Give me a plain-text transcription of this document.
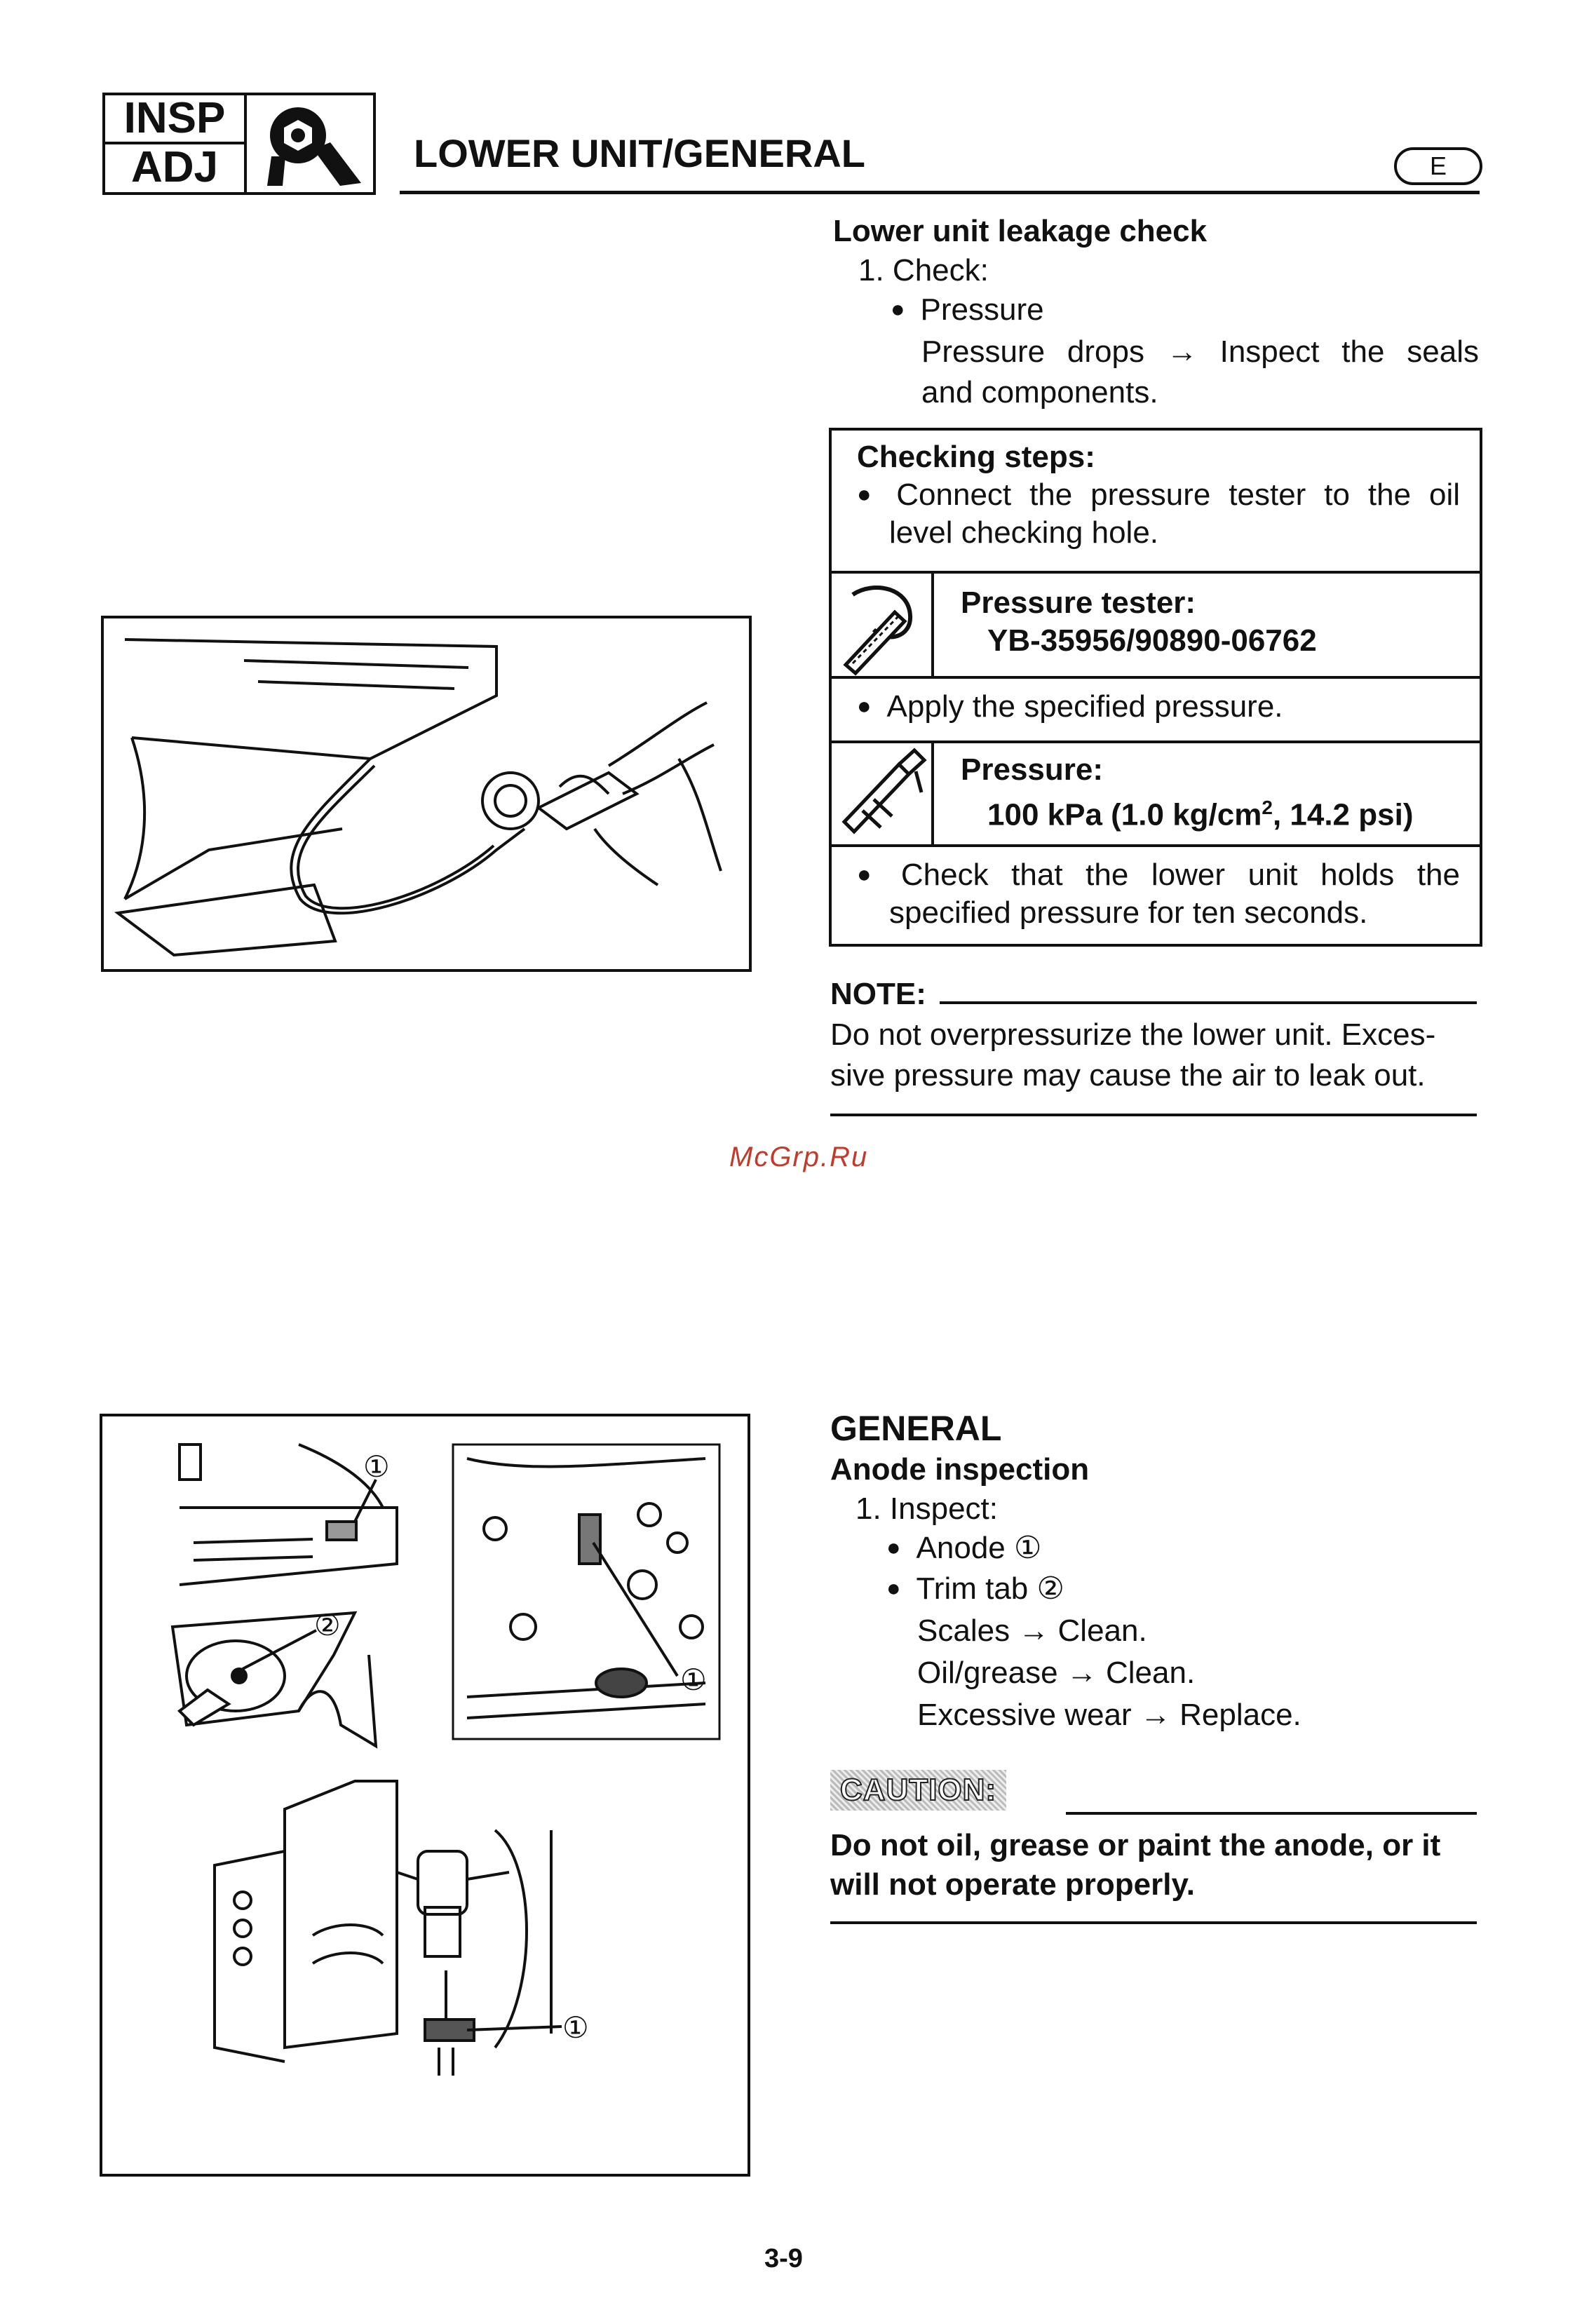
INSP
ADJ	LOWER UNIT/GENERAL	E
Lower unit leakage check
1. Check:
● Pressure
Pressure drops → Inspect the seals
and components.
Checking steps:
● Connect the pressure tester to the oil
level checking hole.
Pressure tester:
YB-35956/90890-06762
● Apply the specified pressure.
Pressure:
100 kPa (1.0 $kg/cm^2$, 14.2 psi)
● Check that the lower unit holds the
specified pressure for ten seconds.
NOTE:
Do not overpressurize the lower unit. Exces-
sive pressure may cause the air to leak out.
McGrp.Ru
GENERAL
Anode inspection
1. Inspect:
● Anode ①
● Trim tab ②
Scales → Clean.
Oil/grease → Clean.
Excessive wear → Replace.
CAUTION:
Do not oil, grease or paint the anode, or it
will not operate properly.
①
②
①
①
3-9
